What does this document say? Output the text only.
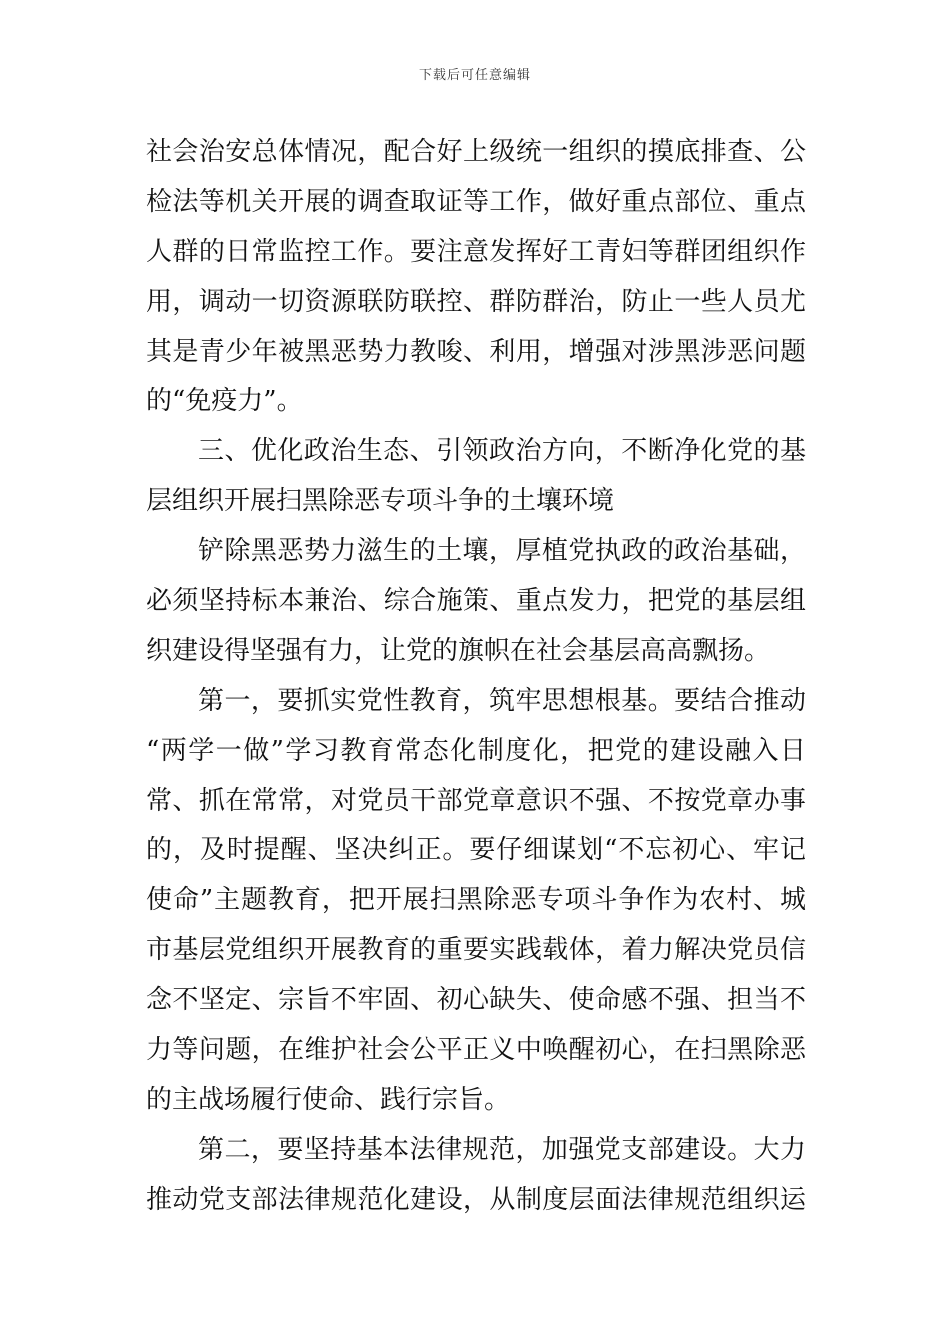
下载后可任意编辑
社会治安总体情况，配合好上级统一组织的摸底排查、公
检法等机关开展的调查取证等工作，做好重点部位、重点
人群的日常监控工作。要注意发挥好工青妇等群团组织作
用，调动一切资源联防联控、群防群治，防止一些人员尤
其是青少年被黑恶势力教唆、利用，增强对涉黑涉恶问题
的“免疫力”。
三、优化政治生态、引领政治方向，不断净化党的基
层组织开展扫黑除恶专项斗争的土壤环境
铲除黑恶势力滋生的土壤，厚植党执政的政治基础，
必须坚持标本兼治、综合施策、重点发力，把党的基层组
织建设得坚强有力，让党的旗帜在社会基层高高飘扬。
第一，要抓实党性教育，筑牢思想根基。要结合推动
“两学一做”学习教育常态化制度化，把党的建设融入日
常、抓在常常，对党员干部党章意识不强、不按党章办事
的，及时提醒、坚决纠正。要仔细谋划“不忘初心、牢记
使命”主题教育，把开展扫黑除恶专项斗争作为农村、城
市基层党组织开展教育的重要实践载体，着力解决党员信
念不坚定、宗旨不牢固、初心缺失、使命感不强、担当不
力等问题，在维护社会公平正义中唤醒初心，在扫黑除恶
的主战场履行使命、践行宗旨。
第二，要坚持基本法律规范，加强党支部建设。大力
推动党支部法律规范化建设，从制度层面法律规范组织运
